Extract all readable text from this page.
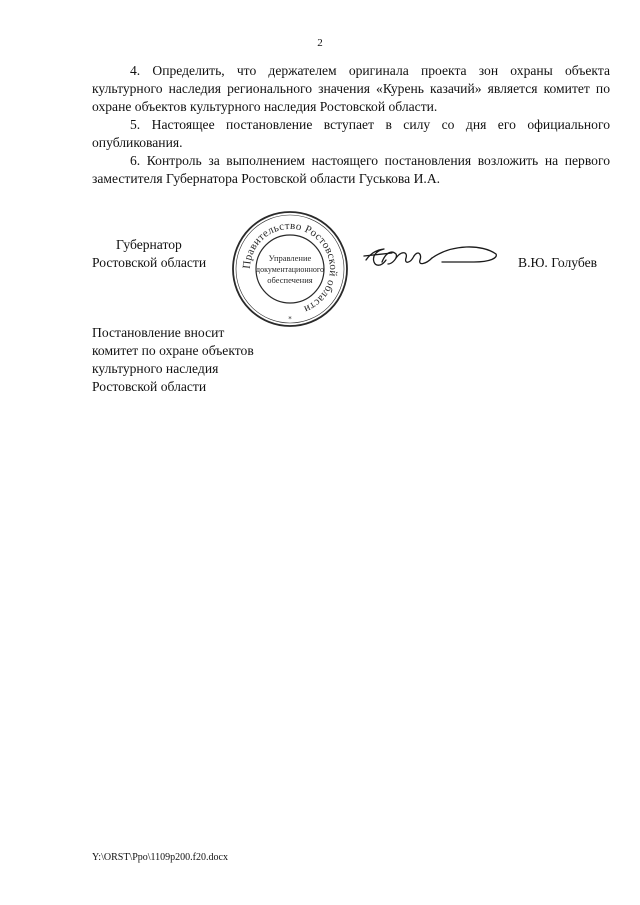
2

4. Определить, что держателем оригинала проекта зон охраны объекта культурного наследия регионального значения «Курень казачий» является комитет по охране объектов культурного наследия Ростовской области.

5. Настоящее постановление вступает в силу со дня его официального опубликования.

6. Контроль за выполнением настоящего постановления возложить на первого заместителя Губернатора Ростовской области Гуськова И.А.

Губернатор
Ростовской области	Правительство Ростовской области
Управление
документационного
обеспечения
*
В.Ю. Голубев
Постановление вносит
комитет по охране объектов
культурного наследия
Ростовской области
Y:\ORST\Ppo\1109p200.f20.docx
